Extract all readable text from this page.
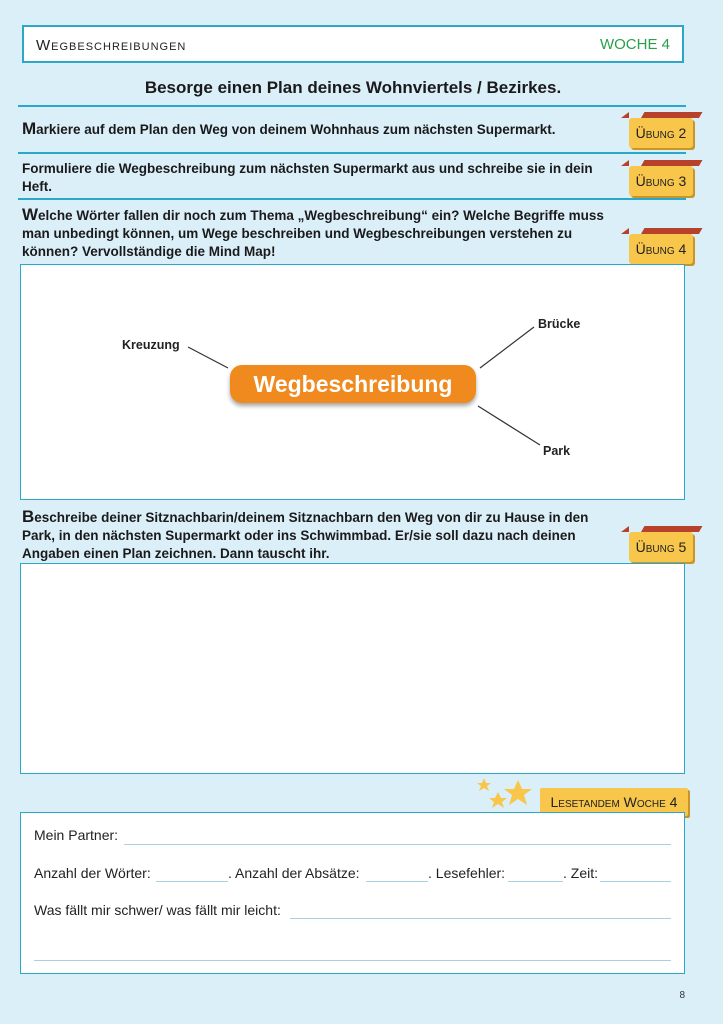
Wegbeschreibungen	WOCHE 4
Besorge einen Plan deines Wohnviertels / Bezirkes.
Markiere auf dem Plan den Weg von deinem Wohnhaus zum nächsten Supermarkt.	Übung 2
Formuliere die Wegbeschreibung zum nächsten Supermarkt aus und schreibe sie in dein Heft.	Übung 3
Welche Wörter fallen dir noch zum Thema „Wegbeschreibung“ ein? Welche Begriffe muss man unbedingt können, um Wege beschreiben und Wegbeschreibungen verstehen zu können? Vervollständige die Mind Map!	Übung 4
Wegbeschreibung
Kreuzung
Brücke
Park
Beschreibe deiner Sitznachbarin/deinem Sitznachbarn den Weg von dir zu Hause in den Park, in den nächsten Supermarkt oder ins Schwimmbad. Er/sie soll dazu nach deinen Angaben einen Plan zeichnen. Dann tauscht ihr.	Übung 5
Lesetandem Woche 4
Mein Partner:
Anzahl der Wörter:	. Anzahl der Absätze:	. Lesefehler:	. Zeit:
Was fällt mir schwer/ was fällt mir leicht:
8
